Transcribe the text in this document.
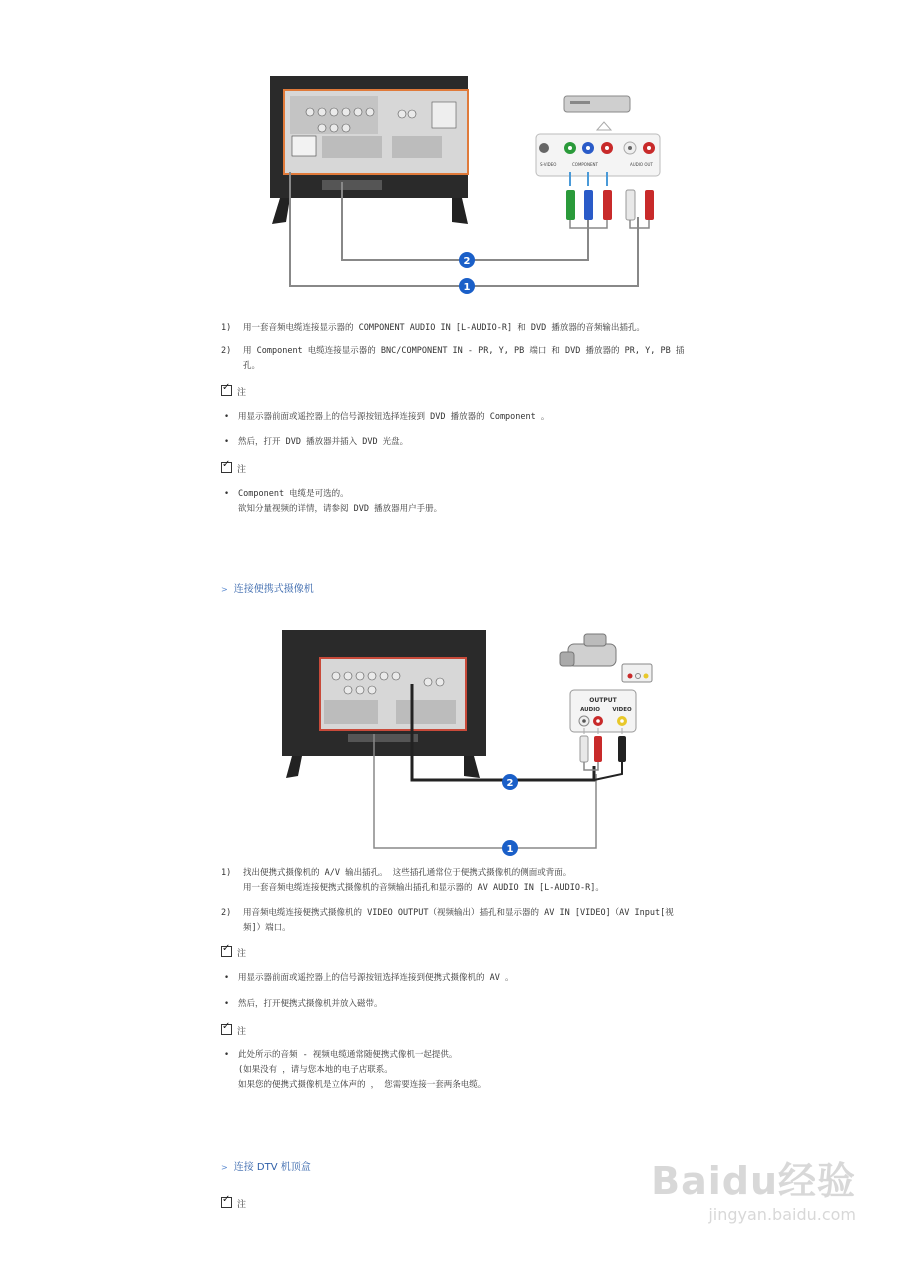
S-VIDEO	COMPONENT	AUDIO OUT
2
1
1) 用一套音频电缆连接显示器的 COMPONENT AUDIO IN [L-AUDIO-R] 和 DVD 播放器的音频输出插孔。
2) 用 Component 电缆连接显示器的 BNC/COMPONENT IN - PR, Y, PB 端口 和 DVD 播放器的 PR, Y, PB 插
孔。
✓注
• 用显示器前面或遥控器上的信号源按钮选择连接到 DVD 播放器的 Component 。
• 然后，打开 DVD 播放器并插入 DVD 光盘。
✓注
• Component 电缆是可选的。
欲知分量视频的详情，请参阅 DVD 播放器用户手册。
> 连接便携式摄像机
OUTPUT
AUDIO VIDEO
2
1
1) 找出便携式摄像机的 A/V 输出插孔。 这些插孔通常位于便携式摄像机的侧面或背面。
用一套音频电缆连接便携式摄像机的音频输出插孔和显示器的 AV AUDIO IN [L-AUDIO-R]。
2) 用音频电缆连接便携式摄像机的 VIDEO OUTPUT（视频输出）插孔和显示器的 AV IN [VIDEO]（AV Input[视
频]）端口。
✓注
• 用显示器前面或遥控器上的信号源按钮选择连接到便携式摄像机的 AV 。
• 然后，打开便携式摄像机并放入磁带。
✓注
• 此处所示的音频 - 视频电缆通常随便携式像机一起提供。
(如果没有 ，请与您本地的电子店联系。
如果您的便携式摄像机是立体声的 ， 您需要连接一套两条电缆。
> 连接 DTV 机顶盒
✓注
Baidu经验
jingyan.baidu.com
